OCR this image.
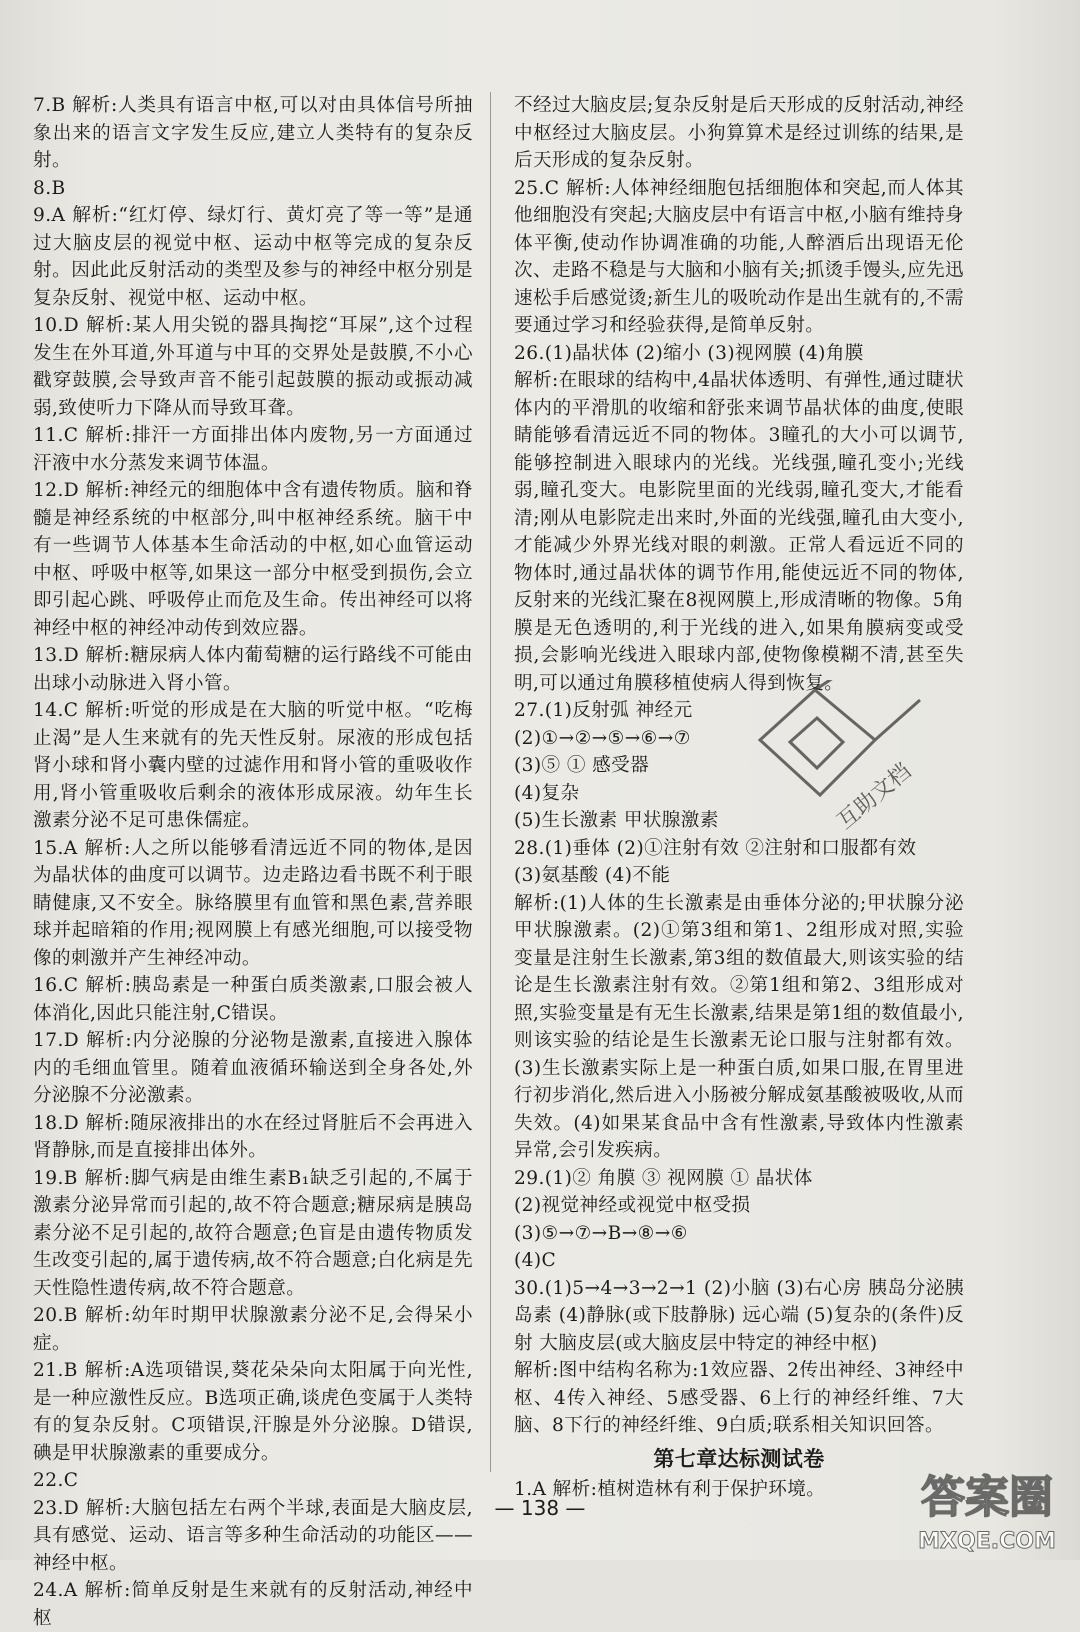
7.B 解析:人类具有语言中枢,可以对由具体信号所抽象出来的语言文字发生反应,建立人类特有的复杂反射。

8.B

9.A 解析:“红灯停、绿灯行、黄灯亮了等一等”是通过大脑皮层的视觉中枢、运动中枢等完成的复杂反射。因此此反射活动的类型及参与的神经中枢分别是复杂反射、视觉中枢、运动中枢。

10.D 解析:某人用尖锐的器具掏挖“耳屎”,这个过程发生在外耳道,外耳道与中耳的交界处是鼓膜,不小心戳穿鼓膜,会导致声音不能引起鼓膜的振动或振动减弱,致使听力下降从而导致耳聋。

11.C 解析:排汗一方面排出体内废物,另一方面通过汗液中水分蒸发来调节体温。

12.D 解析:神经元的细胞体中含有遗传物质。脑和脊髓是神经系统的中枢部分,叫中枢神经系统。脑干中有一些调节人体基本生命活动的中枢,如心血管运动中枢、呼吸中枢等,如果这一部分中枢受到损伤,会立即引起心跳、呼吸停止而危及生命。传出神经可以将神经中枢的神经冲动传到效应器。

13.D 解析:糖尿病人体内葡萄糖的运行路线不可能由出球小动脉进入肾小管。

14.C 解析:听觉的形成是在大脑的听觉中枢。“吃梅止渴”是人生来就有的先天性反射。尿液的形成包括肾小球和肾小囊内壁的过滤作用和肾小管的重吸收作用,肾小管重吸收后剩余的液体形成尿液。幼年生长激素分泌不足可患侏儒症。

15.A 解析:人之所以能够看清远近不同的物体,是因为晶状体的曲度可以调节。边走路边看书既不利于眼睛健康,又不安全。脉络膜里有血管和黑色素,营养眼球并起暗箱的作用;视网膜上有感光细胞,可以接受物像的刺激并产生神经冲动。

16.C 解析:胰岛素是一种蛋白质类激素,口服会被人体消化,因此只能注射,C错误。

17.D 解析:内分泌腺的分泌物是激素,直接进入腺体内的毛细血管里。随着血液循环输送到全身各处,外分泌腺不分泌激素。

18.D 解析:随尿液排出的水在经过肾脏后不会再进入肾静脉,而是直接排出体外。

19.B 解析:脚气病是由维生素B₁缺乏引起的,不属于激素分泌异常而引起的,故不符合题意;糖尿病是胰岛素分泌不足引起的,故符合题意;色盲是由遗传物质发生改变引起的,属于遗传病,故不符合题意;白化病是先天性隐性遗传病,故不符合题意。

20.B 解析:幼年时期甲状腺激素分泌不足,会得呆小症。

21.B 解析:A选项错误,葵花朵朵向太阳属于向光性,是一种应激性反应。B选项正确,谈虎色变属于人类特有的复杂反射。C项错误,汗腺是外分泌腺。D错误,碘是甲状腺激素的重要成分。

22.C

23.D 解析:大脑包括左右两个半球,表面是大脑皮层,具有感觉、运动、语言等多种生命活动的功能区——神经中枢。

24.A 解析:简单反射是生来就有的反射活动,神经中枢

不经过大脑皮层;复杂反射是后天形成的反射活动,神经中枢经过大脑皮层。小狗算算术是经过训练的结果,是后天形成的复杂反射。

25.C 解析:人体神经细胞包括细胞体和突起,而人体其他细胞没有突起;大脑皮层中有语言中枢,小脑有维持身体平衡,使动作协调准确的功能,人醉酒后出现语无伦次、走路不稳是与大脑和小脑有关;抓烫手馒头,应先迅速松手后感觉烫;新生儿的吸吮动作是出生就有的,不需要通过学习和经验获得,是简单反射。

26.(1)晶状体 (2)缩小 (3)视网膜 (4)角膜

解析:在眼球的结构中,4晶状体透明、有弹性,通过睫状体内的平滑肌的收缩和舒张来调节晶状体的曲度,使眼睛能够看清远近不同的物体。3瞳孔的大小可以调节,能够控制进入眼球内的光线。光线强,瞳孔变小;光线弱,瞳孔变大。电影院里面的光线弱,瞳孔变大,才能看清;刚从电影院走出来时,外面的光线强,瞳孔由大变小,才能减少外界光线对眼的刺激。正常人看远近不同的物体时,通过晶状体的调节作用,能使远近不同的物体,反射来的光线汇聚在8视网膜上,形成清晰的物像。5角膜是无色透明的,利于光线的进入,如果角膜病变或受损,会影响光线进入眼球内部,使物像模糊不清,甚至失明,可以通过角膜移植使病人得到恢复。

27.(1)反射弧 神经元

(2)①→②→⑤→⑥→⑦

(3)⑤ ① 感受器

(4)复杂

(5)生长激素 甲状腺激素

28.(1)垂体 (2)①注射有效 ②注射和口服都有效

(3)氨基酸 (4)不能

解析:(1)人体的生长激素是由垂体分泌的;甲状腺分泌甲状腺激素。(2)①第3组和第1、2组形成对照,实验变量是注射生长激素,第3组的数值最大,则该实验的结论是生长激素注射有效。②第1组和第2、3组形成对照,实验变量是有无生长激素,结果是第1组的数值最小,则该实验的结论是生长激素无论口服与注射都有效。(3)生长激素实际上是一种蛋白质,如果口服,在胃里进行初步消化,然后进入小肠被分解成氨基酸被吸收,从而失效。(4)如果某食品中含有性激素,导致体内性激素异常,会引发疾病。

29.(1)② 角膜 ③ 视网膜 ① 晶状体

(2)视觉神经或视觉中枢受损

(3)⑤→⑦→B→⑧→⑥

(4)C

30.(1)5→4→3→2→1 (2)小脑 (3)右心房 胰岛分泌胰岛素 (4)静脉(或下肢静脉) 远心端 (5)复杂的(条件)反射 大脑皮层(或大脑皮层中特定的神经中枢)

解析:图中结构名称为:1效应器、2传出神经、3神经中枢、4传入神经、5感受器、6上行的神经纤维、7大脑、8下行的神经纤维、9白质;联系相关知识回答。

第七章达标测试卷

1.A 解析:植树造林有利于保护环境。

互助文档
— 138 —	答案圈
MXQE.COM
